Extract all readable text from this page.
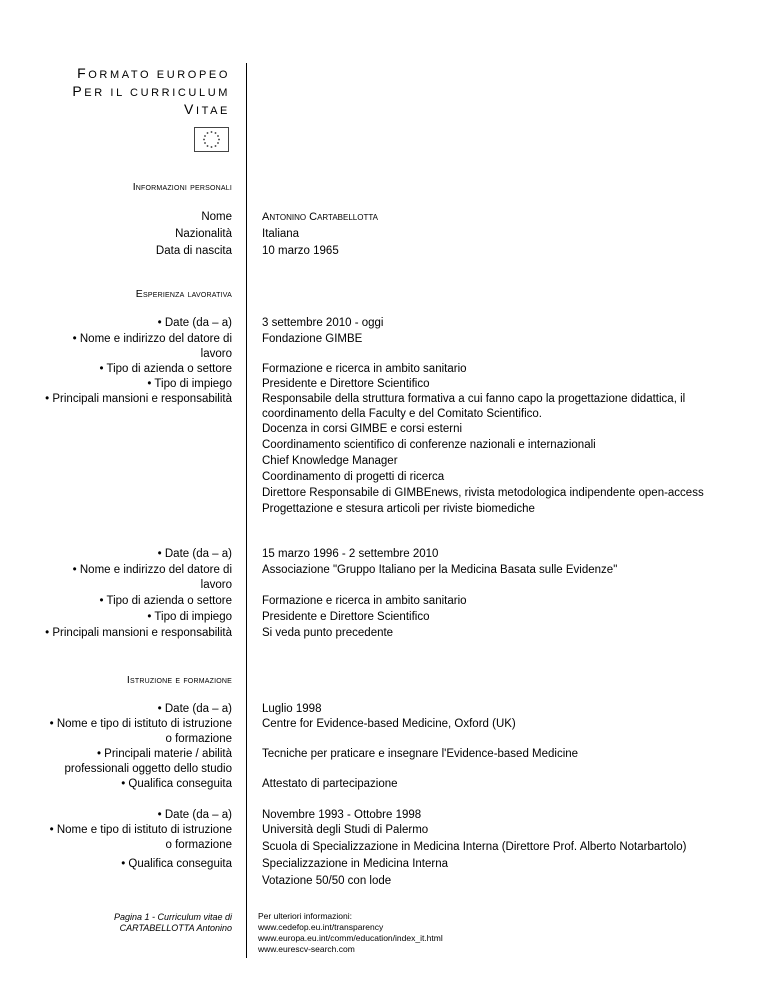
FORMATO EUROPEO
PER IL CURRICULUM
VITAE
Informazioni personali
Nome
Nazionalità
Data di nascita
Antonino Cartabellotta
Italiana
10 marzo 1965
Esperienza lavorativa
• Date (da – a)
• Nome e indirizzo del datore di
lavoro
• Tipo di azienda o settore
• Tipo di impiego
• Principali mansioni e responsabilità
3 settembre 2010 - oggi
Fondazione GIMBE
Formazione e ricerca in ambito sanitario
Presidente e Direttore Scientifico
Responsabile della struttura formativa a cui fanno capo la progettazione didattica, il
coordinamento della Faculty e del Comitato Scientifico.
Docenza in corsi GIMBE e corsi esterni
Coordinamento scientifico di conferenze nazionali e internazionali
Chief Knowledge Manager
Coordinamento di progetti di ricerca
Direttore Responsabile di GIMBEnews, rivista metodologica indipendente open-access
Progettazione e stesura articoli per riviste biomediche
• Date (da – a)
• Nome e indirizzo del datore di
lavoro
• Tipo di azienda o settore
• Tipo di impiego
• Principali mansioni e responsabilità
15 marzo 1996 - 2 settembre 2010
Associazione "Gruppo Italiano per la Medicina Basata sulle Evidenze"
Formazione e ricerca in ambito sanitario
Presidente e Direttore Scientifico
Si veda punto precedente
Istruzione e formazione
• Date (da – a)
• Nome e tipo di istituto di istruzione
o formazione
• Principali materie / abilità
professionali oggetto dello studio
• Qualifica conseguita
Luglio 1998
Centre for Evidence-based Medicine, Oxford (UK)
Tecniche per praticare e insegnare l'Evidence-based Medicine
Attestato di partecipazione
• Date (da – a)
• Nome e tipo di istituto di istruzione
o formazione
• Qualifica conseguita
Novembre 1993 - Ottobre 1998
Università degli Studi di Palermo
Scuola di Specializzazione in Medicina Interna (Direttore Prof. Alberto Notarbartolo)
Specializzazione in Medicina Interna
Votazione 50/50 con lode
Pagina 1 - Curriculum vitae di
CARTABELLOTTA Antonino
Per ulteriori informazioni:
www.cedefop.eu.int/transparency
www.europa.eu.int/comm/education/index_it.html
www.eurescv-search.com
